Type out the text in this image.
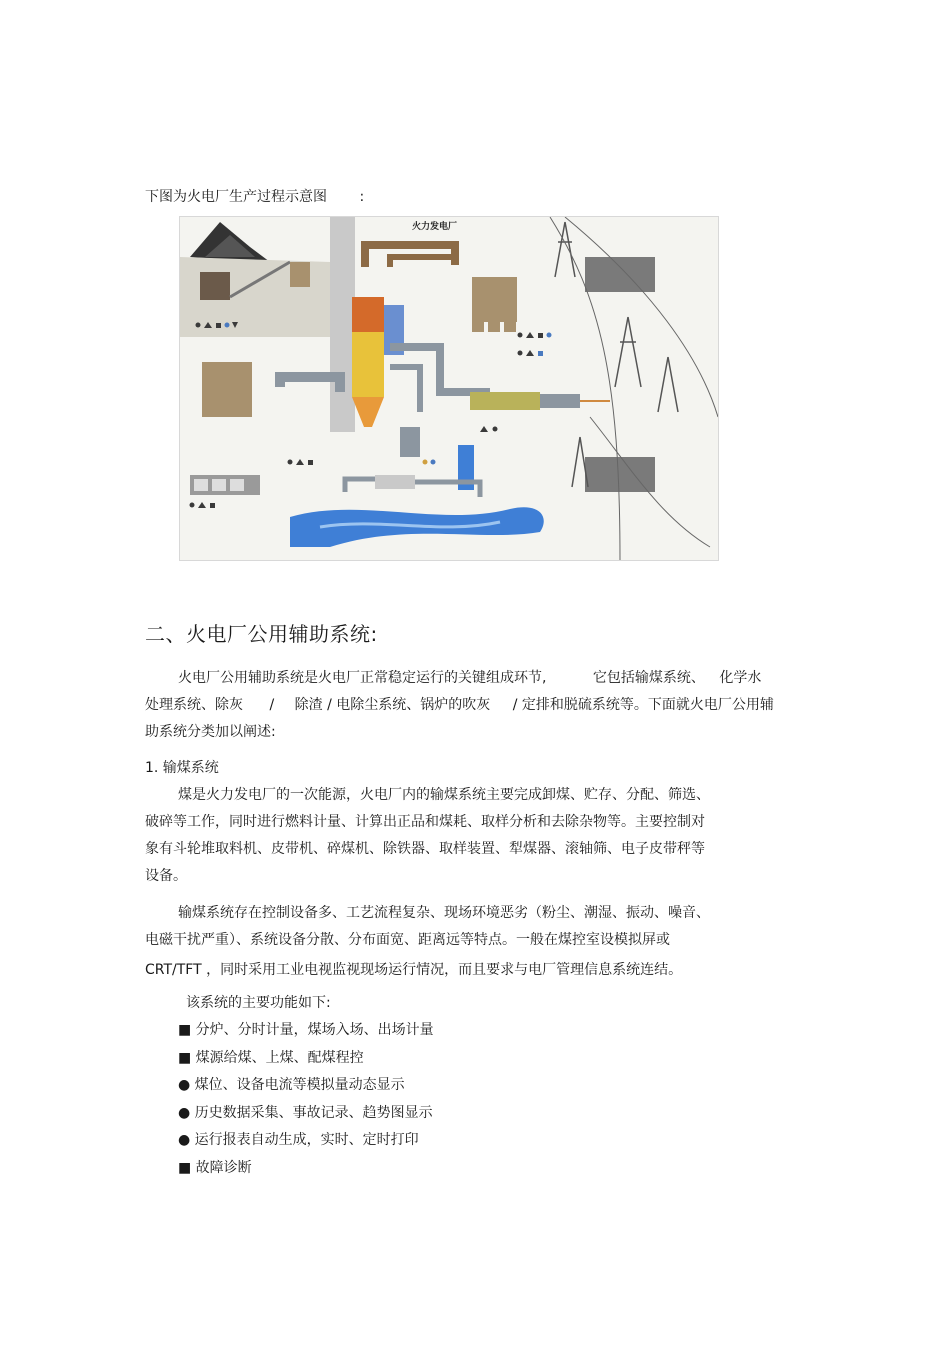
下图为火电厂生产过程示意图 :
火力发电厂
二、火电厂公用辅助系统:
火电厂公用辅助系统是火电厂正常稳定运行的关键组成环节,	它包括输煤系统、 化学水
处理系统、除灰 / 除渣 / 电除尘系统、锅炉的吹灰 / 定排和脱硫系统等。下面就火电厂公用辅
助系统分类加以阐述:
1. 输煤系统
煤是火力发电厂的一次能源，火电厂内的输煤系统主要完成卸煤、贮存、分配、筛选、
破碎等工作，同时进行燃料计量、计算出正品和煤耗、取样分析和去除杂物等。主要控制对
象有斗轮堆取料机、皮带机、碎煤机、除铁器、取样装置、犁煤器、滚轴筛、电子皮带秤等
设备。
输煤系统存在控制设备多、工艺流程复杂、现场环境恶劣（粉尘、潮湿、振动、噪音、
电磁干扰严重）、系统设备分散、分布面宽、距离远等特点。一般在煤控室设模拟屏或
CRT/TFT ，同时采用工业电视监视现场运行情况，而且要求与电厂管理信息系统连结。
该系统的主要功能如下:
■ 分炉、分时计量，煤场入场、出场计量
■ 煤源给煤、上煤、配煤程控
● 煤位、设备电流等模拟量动态显示
● 历史数据采集、事故记录、趋势图显示
● 运行报表自动生成，实时、定时打印
■ 故障诊断
